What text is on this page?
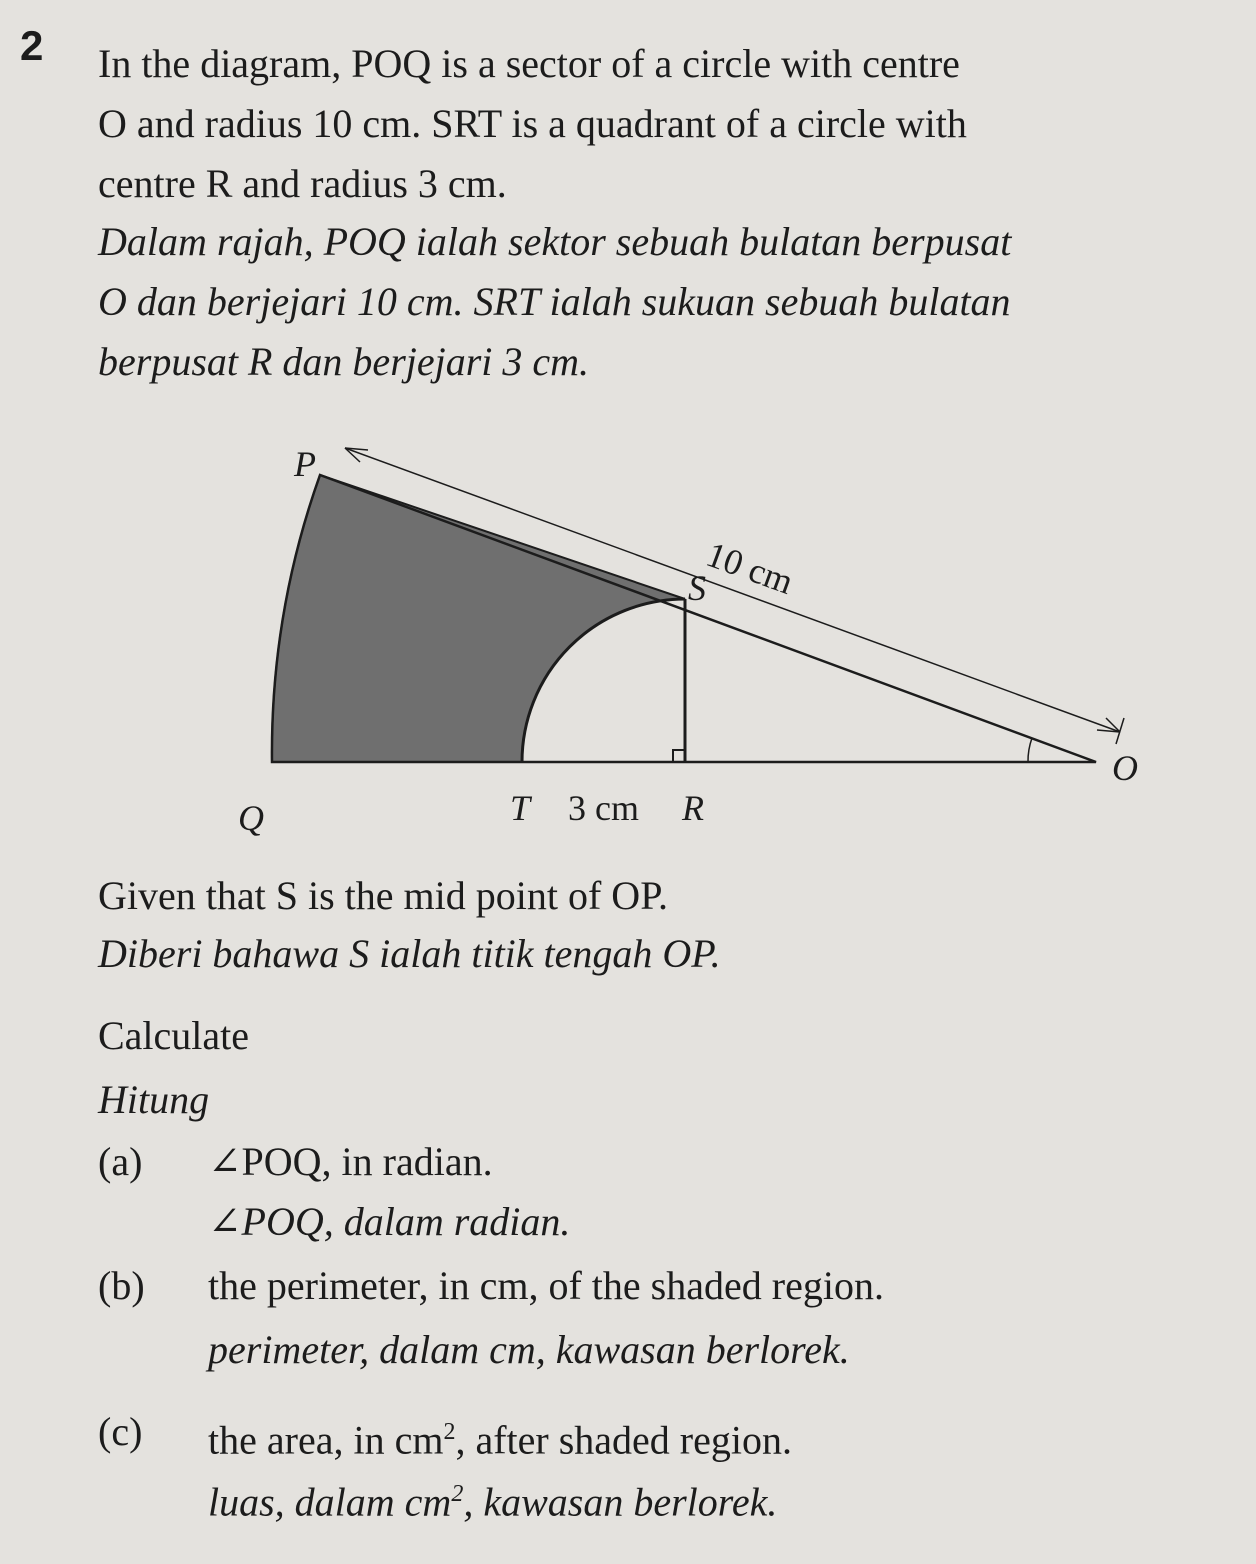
2 In the diagram, POQ is a sector of a circle with centre
O and radius 10 cm. SRT is a quadrant of a circle with
centre R and radius 3 cm.
Dalam rajah, POQ ialah sektor sebuah bulatan berpusat
O dan berjejari 10 cm. SRT ialah sukuan sebuah bulatan
berpusat R dan berjejari 3 cm.
P
Q
O
S
T	R
3 cm
10 cm
Given that S is the mid point of OP.
Diberi bahawa S ialah titik tengah OP.
Calculate
Hitung
(a) ∠POQ, in radian.
∠POQ, dalam radian.
(b) the perimeter, in cm, of the shaded region.
perimeter, dalam cm, kawasan berlorek.
(c) the area, in $cm^2$, after shaded region.
luas, dalam $cm^2$, kawasan berlorek.
